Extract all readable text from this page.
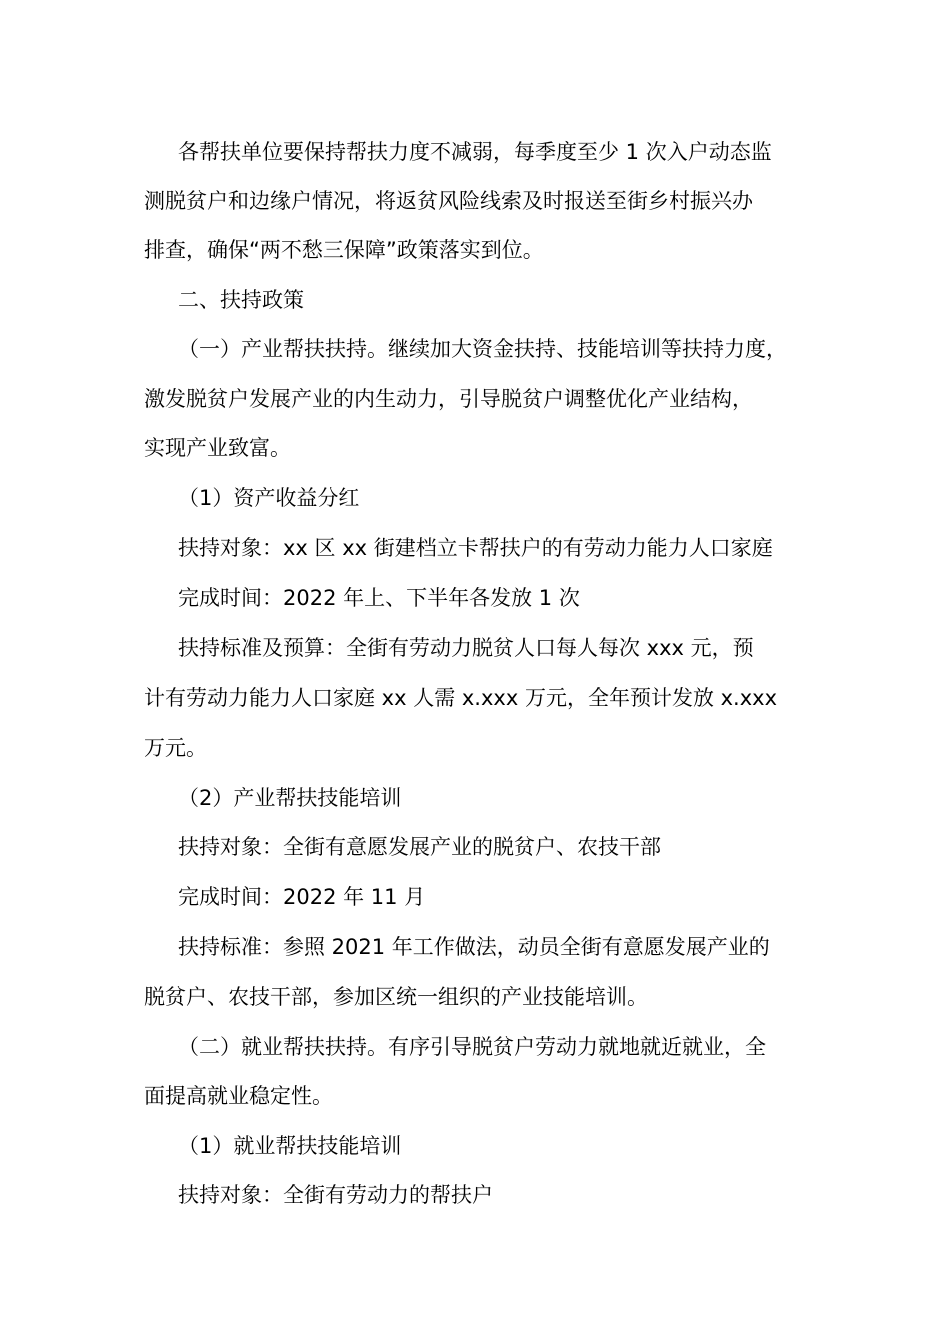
各帮扶单位要保持帮扶力度不减弱，每季度至少 1 次入户动态监
测脱贫户和边缘户情况，将返贫风险线索及时报送至街乡村振兴办
排查，确保“两不愁三保障”政策落实到位。
二、扶持政策
（一）产业帮扶扶持。继续加大资金扶持、技能培训等扶持力度，
激发脱贫户发展产业的内生动力，引导脱贫户调整优化产业结构，
实现产业致富。
（1）资产收益分红
扶持对象：xx 区 xx 街建档立卡帮扶户的有劳动力能力人口家庭
完成时间：2022 年上、下半年各发放 1 次
扶持标准及预算：全街有劳动力脱贫人口每人每次 xxx 元，预
计有劳动力能力人口家庭 xx 人需 x.xxx 万元，全年预计发放 x.xxx
万元。
（2）产业帮扶技能培训
扶持对象：全街有意愿发展产业的脱贫户、农技干部
完成时间：2022 年 11 月
扶持标准：参照 2021 年工作做法，动员全街有意愿发展产业的
脱贫户、农技干部，参加区统一组织的产业技能培训。
（二）就业帮扶扶持。有序引导脱贫户劳动力就地就近就业，全
面提高就业稳定性。
（1）就业帮扶技能培训
扶持对象：全街有劳动力的帮扶户
